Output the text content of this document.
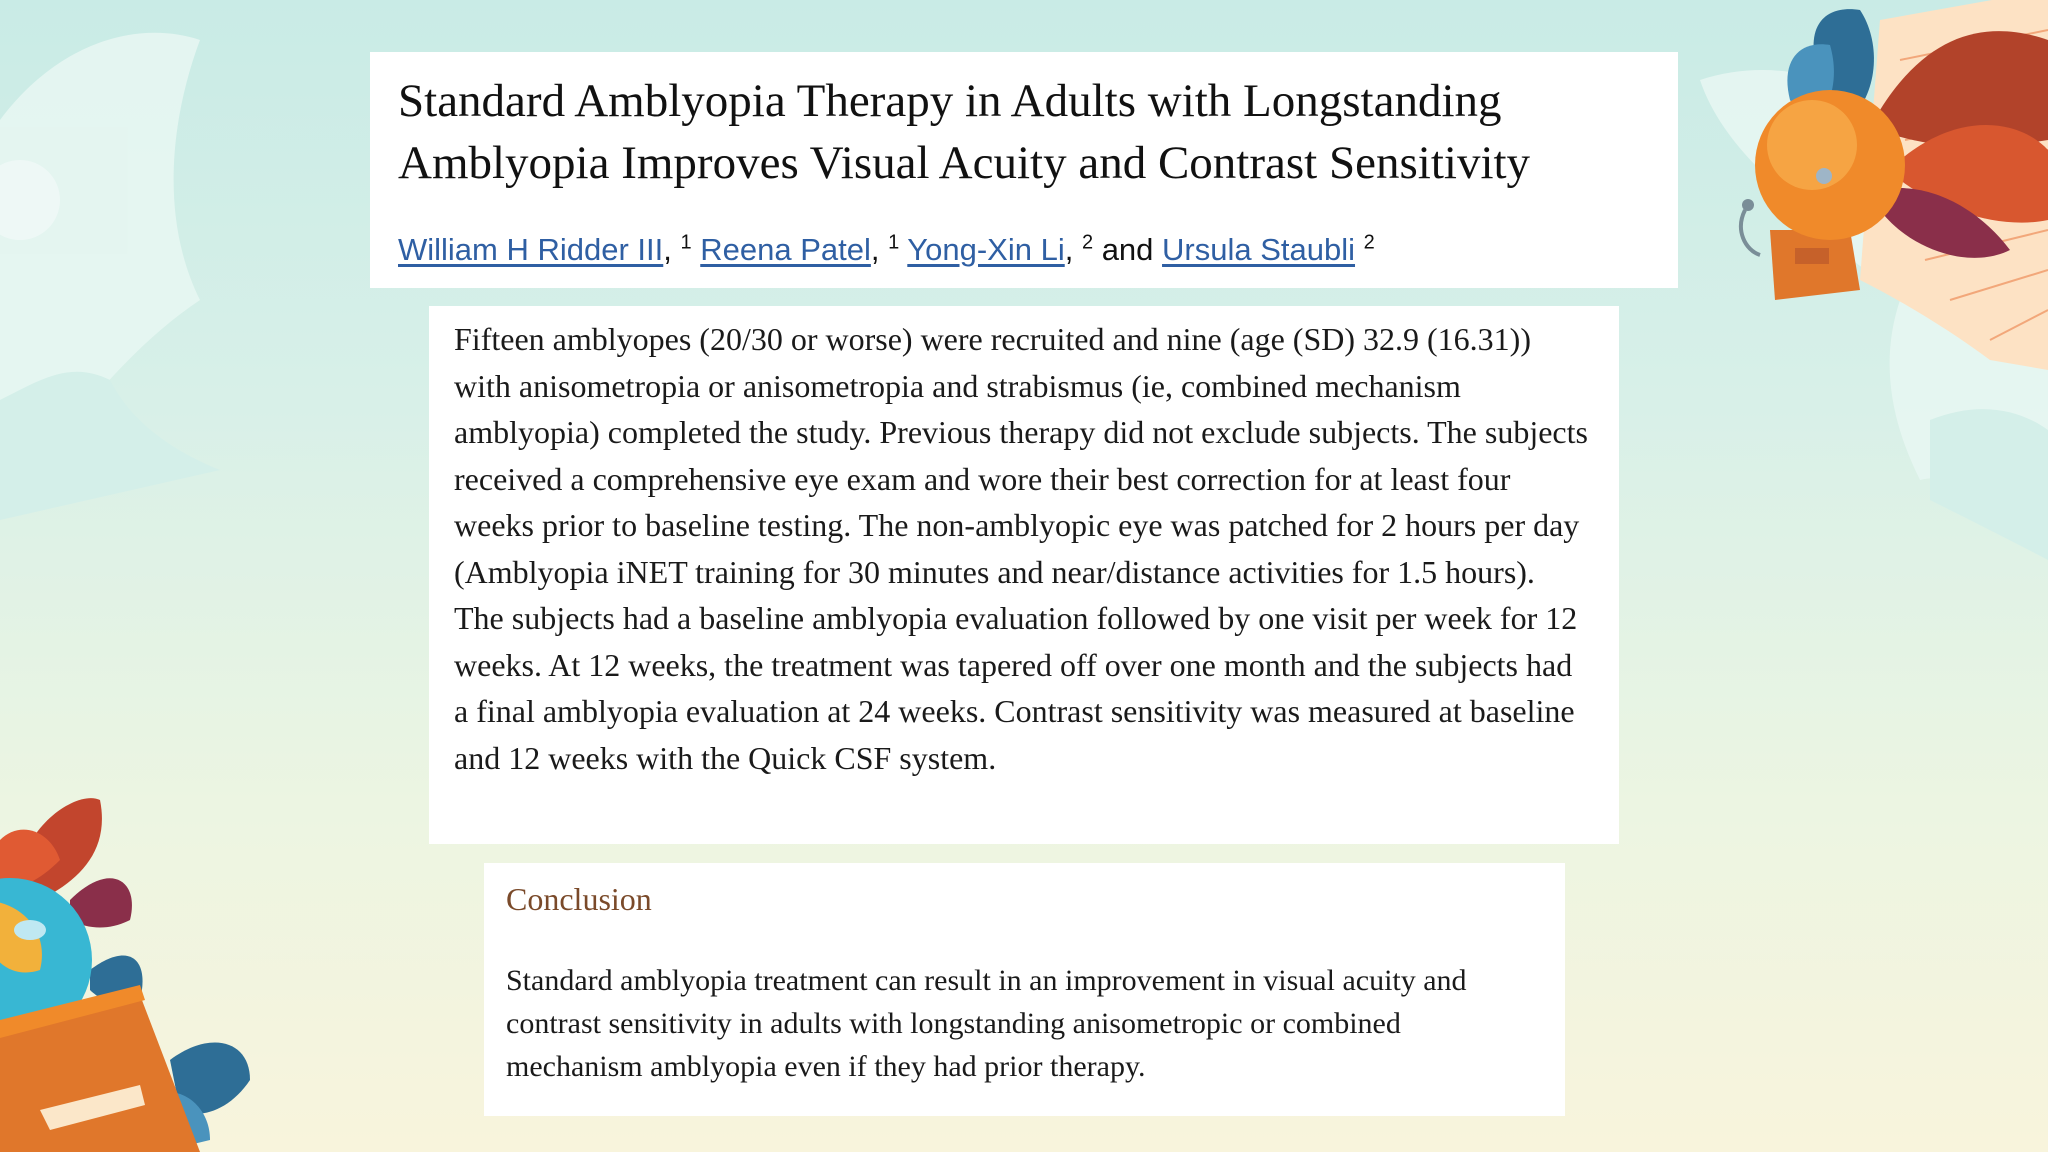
Standard Amblyopia Therapy in Adults with Longstanding
Amblyopia Improves Visual Acuity and Contrast Sensitivity
William H Ridder III, $^1$ Reena Patel, $^1$ Yong-Xin Li, $^2$ and Ursula Staubli $^2$

Fifteen amblyopes (20/30 or worse) were recruited and nine (age (SD) 32.9 (16.31)) with anisometropia or anisometropia and strabismus (ie, combined mechanism amblyopia) completed the study. Previous therapy did not exclude subjects. The subjects received a comprehensive eye exam and wore their best correction for at least four weeks prior to baseline testing. The non-amblyopic eye was patched for 2 hours per day (Amblyopia iNET training for 30 minutes and near/distance activities for 1.5 hours). The subjects had a baseline amblyopia evaluation followed by one visit per week for 12 weeks. At 12 weeks, the treatment was tapered off over one month and the subjects had a final amblyopia evaluation at 24 weeks. Contrast sensitivity was measured at baseline and 12 weeks with the Quick CSF system.

Conclusion

Standard amblyopia treatment can result in an improvement in visual acuity and contrast sensitivity in adults with longstanding anisometropic or combined mechanism amblyopia even if they had prior therapy.
